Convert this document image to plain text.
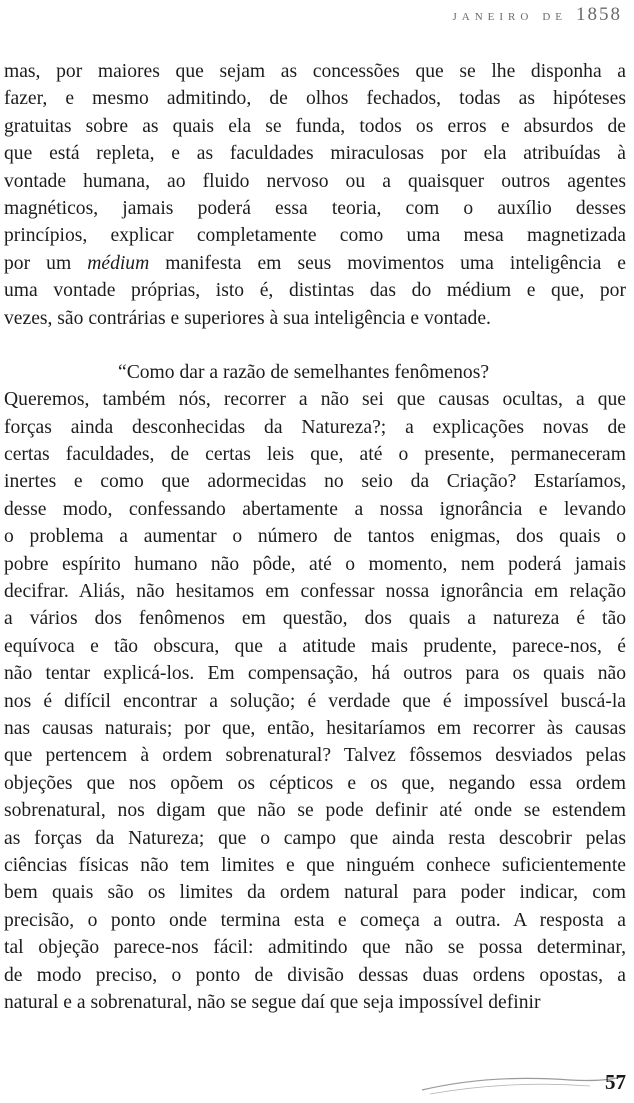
janeiro de 1858
mas, por maiores que sejam as concessões que se lhe disponha a
fazer, e mesmo admitindo, de olhos fechados, todas as hipóteses
gratuitas sobre as quais ela se funda, todos os erros e absurdos de
que está repleta, e as faculdades miraculosas por ela atribuídas à
vontade humana, ao fluido nervoso ou a quaisquer outros agentes
magnéticos, jamais poderá essa teoria, com o auxílio desses
princípios, explicar completamente como uma mesa magnetizada
por um médium manifesta em seus movimentos uma inteligência e
uma vontade próprias, isto é, distintas das do médium e que, por
vezes, são contrárias e superiores à sua inteligência e vontade.
“Como dar a razão de semelhantes fenômenos?
Queremos, também nós, recorrer a não sei que causas ocultas, a que
forças ainda desconhecidas da Natureza?; a explicações novas de
certas faculdades, de certas leis que, até o presente, permaneceram
inertes e como que adormecidas no seio da Criação? Estaríamos,
desse modo, confessando abertamente a nossa ignorância e levando
o problema a aumentar o número de tantos enigmas, dos quais o
pobre espírito humano não pôde, até o momento, nem poderá jamais
decifrar. Aliás, não hesitamos em confessar nossa ignorância em relação
a vários dos fenômenos em questão, dos quais a natureza é tão
equívoca e tão obscura, que a atitude mais prudente, parece-nos, é
não tentar explicá-los. Em compensação, há outros para os quais não
nos é difícil encontrar a solução; é verdade que é impossível buscá-la
nas causas naturais; por que, então, hesitaríamos em recorrer às causas
que pertencem à ordem sobrenatural? Talvez fôssemos desviados pelas
objeções que nos opõem os cépticos e os que, negando essa ordem
sobrenatural, nos digam que não se pode definir até onde se estendem
as forças da Natureza; que o campo que ainda resta descobrir pelas
ciências físicas não tem limites e que ninguém conhece suficientemente
bem quais são os limites da ordem natural para poder indicar, com
precisão, o ponto onde termina esta e começa a outra. A resposta a
tal objeção parece-nos fácil: admitindo que não se possa determinar,
de modo preciso, o ponto de divisão dessas duas ordens opostas, a
natural e a sobrenatural, não se segue daí que seja impossível definir
57
